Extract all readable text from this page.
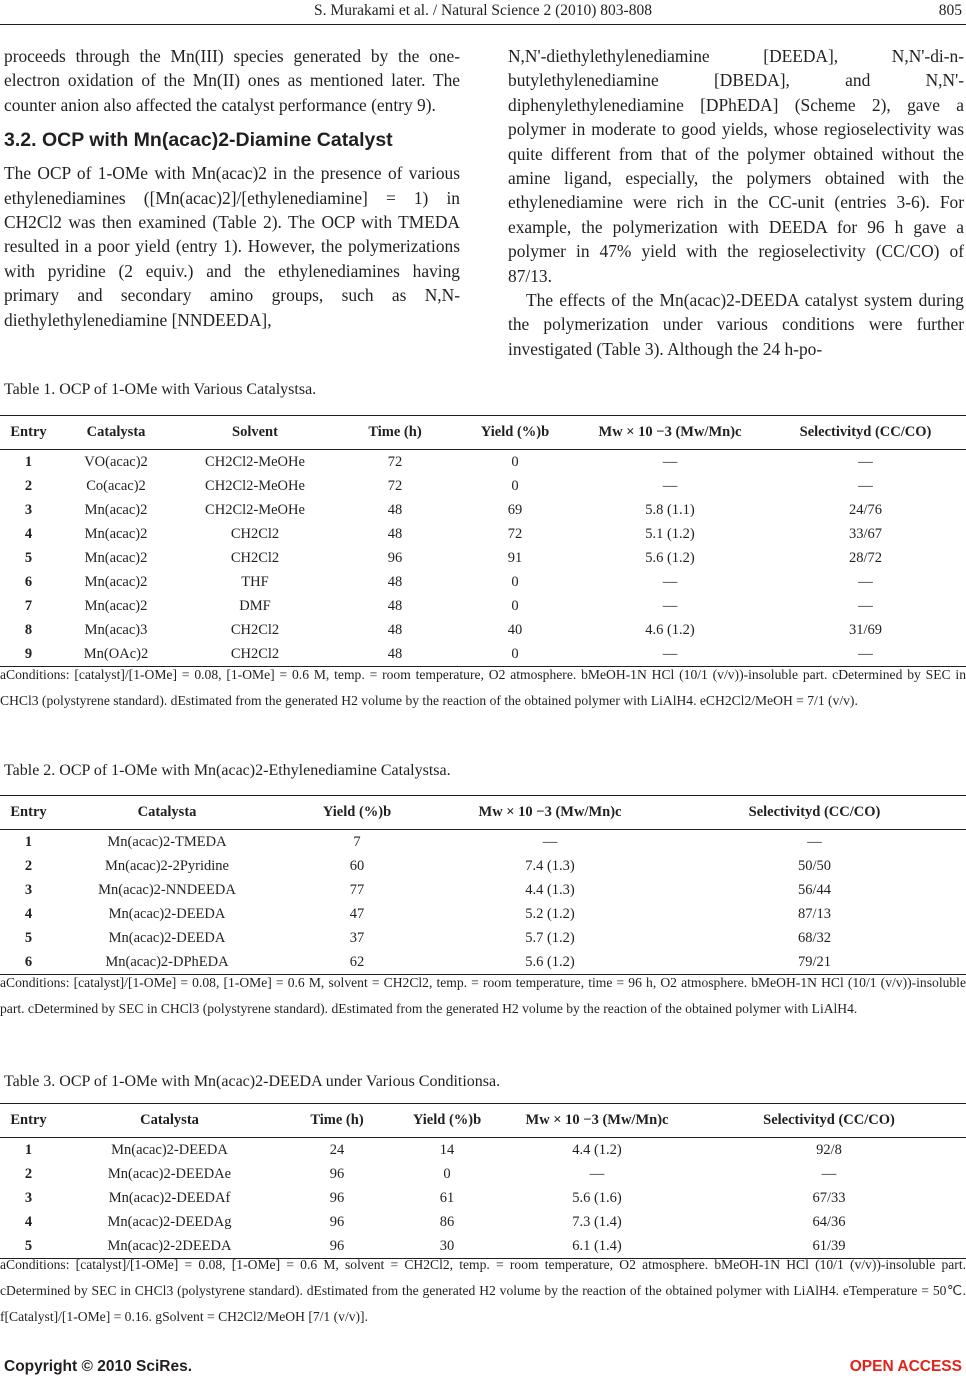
S. Murakami et al. / Natural Science 2 (2010) 803-808	805

proceeds through the Mn(III) species generated by the one-electron oxidation of the Mn(II) ones as mentioned later. The counter anion also affected the catalyst performance (entry 9).

3.2. OCP with Mn(acac)2-Diamine Catalyst

The OCP of 1-OMe with Mn(acac)2 in the presence of various ethylenediamines ([Mn(acac)2]/[ethylenediamine] = 1) in CH2Cl2 was then examined (Table 2). The OCP with TMEDA resulted in a poor yield (entry 1). However, the polymerizations with pyridine (2 equiv.) and the ethylenediamines having primary and secondary amino groups, such as N,N-diethylethylenediamine [NNDEEDA],

N,N'-diethylethylenediamine [DEEDA], N,N'-di-n-butylethylenediamine [DBEDA], and N,N'-diphenylethylenediamine [DPhEDA] (Scheme 2), gave a polymer in moderate to good yields, whose regioselectivity was quite different from that of the polymer obtained without the amine ligand, especially, the polymers obtained with the ethylenediamine were rich in the CC-unit (entries 3-6). For example, the polymerization with DEEDA for 96 h gave a polymer in 47% yield with the regioselectivity (CC/CO) of 87/13.

The effects of the Mn(acac)2-DEEDA catalyst system during the polymerization under various conditions were further investigated (Table 3). Although the 24 h-po-

Table 1. OCP of 1-OMe with Various Catalystsa.
Entry	Catalysta	Solvent	Time (h)	Yield (%)b	Mw × 10 −3 (Mw/Mn)c	Selectivityd (CC/CO)
1	VO(acac)2	CH2Cl2-MeOHe	72	0	—	—
2	Co(acac)2	CH2Cl2-MeOHe	72	0	—	—
3	Mn(acac)2	CH2Cl2-MeOHe	48	69	5.8 (1.1)	24/76
4	Mn(acac)2	CH2Cl2	48	72	5.1 (1.2)	33/67
5	Mn(acac)2	CH2Cl2	96	91	5.6 (1.2)	28/72
6	Mn(acac)2	THF	48	0	—	—
7	Mn(acac)2	DMF	48	0	—	—
8	Mn(acac)3	CH2Cl2	48	40	4.6 (1.2)	31/69
9	Mn(OAc)2	CH2Cl2	48	0	—	—
aConditions: [catalyst]/[1-OMe] = 0.08, [1-OMe] = 0.6 M, temp. = room temperature, O2 atmosphere. bMeOH-1N HCl (10/1 (v/v))-insoluble part. cDetermined by SEC in CHCl3 (polystyrene standard). dEstimated from the generated H2 volume by the reaction of the obtained polymer with LiAlH4. eCH2Cl2/MeOH = 7/1 (v/v).
Table 2. OCP of 1-OMe with Mn(acac)2-Ethylenediamine Catalystsa.
Entry	Catalysta	Yield (%)b	Mw × 10 −3 (Mw/Mn)c	Selectivityd (CC/CO)
1	Mn(acac)2-TMEDA	7	—	—
2	Mn(acac)2-2Pyridine	60	7.4 (1.3)	50/50
3	Mn(acac)2-NNDEEDA	77	4.4 (1.3)	56/44
4	Mn(acac)2-DEEDA	47	5.2 (1.2)	87/13
5	Mn(acac)2-DEEDA	37	5.7 (1.2)	68/32
6	Mn(acac)2-DPhEDA	62	5.6 (1.2)	79/21
aConditions: [catalyst]/[1-OMe] = 0.08, [1-OMe] = 0.6 M, solvent = CH2Cl2, temp. = room temperature, time = 96 h, O2 atmosphere. bMeOH-1N HCl (10/1 (v/v))-insoluble part. cDetermined by SEC in CHCl3 (polystyrene standard). dEstimated from the generated H2 volume by the reaction of the obtained polymer with LiAlH4.
Table 3. OCP of 1-OMe with Mn(acac)2-DEEDA under Various Conditionsa.
Entry	Catalysta	Time (h)	Yield (%)b	Mw × 10 −3 (Mw/Mn)c	Selectivityd (CC/CO)
1	Mn(acac)2-DEEDA	24	14	4.4 (1.2)	92/8
2	Mn(acac)2-DEEDAe	96	0	—	—
3	Mn(acac)2-DEEDAf	96	61	5.6 (1.6)	67/33
4	Mn(acac)2-DEEDAg	96	86	7.3 (1.4)	64/36
5	Mn(acac)2-2DEEDA	96	30	6.1 (1.4)	61/39
aConditions: [catalyst]/[1-OMe] = 0.08, [1-OMe] = 0.6 M, solvent = CH2Cl2, temp. = room temperature, O2 atmosphere. bMeOH-1N HCl (10/1 (v/v))-insoluble part. cDetermined by SEC in CHCl3 (polystyrene standard). dEstimated from the generated H2 volume by the reaction of the obtained polymer with LiAlH4. eTemperature = 50℃. f[Catalyst]/[1-OMe] = 0.16. gSolvent = CH2Cl2/MeOH [7/1 (v/v)].
Copyright © 2010 SciRes.	OPEN ACCESS
